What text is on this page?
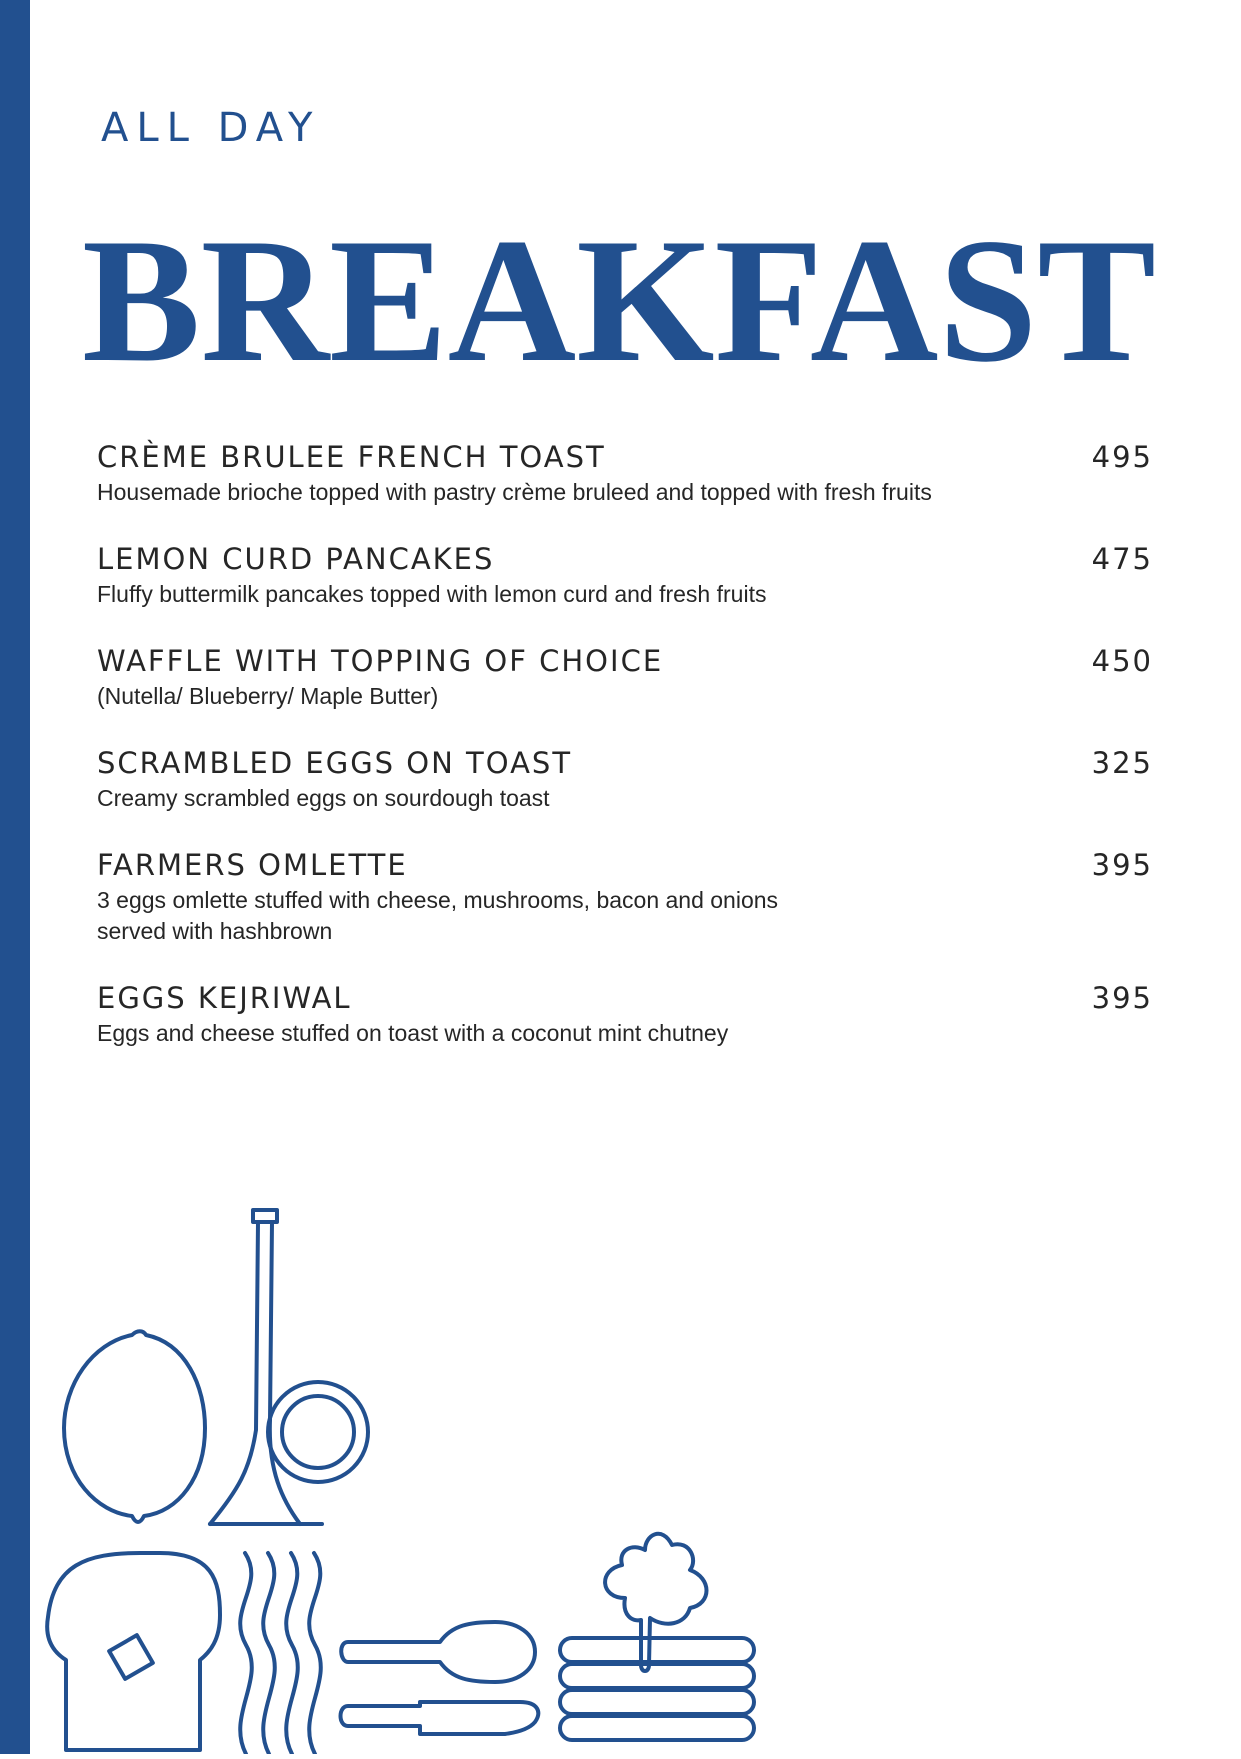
ALL DAY
BREAKFAST
CRÈME BRULEE FRENCH TOAST	495
Housemade brioche topped with pastry crème bruleed and topped with fresh fruits
LEMON CURD PANCAKES	475
Fluffy buttermilk pancakes topped with lemon curd and fresh fruits
WAFFLE WITH TOPPING OF CHOICE	450
(Nutella/ Blueberry/ Maple Butter)
SCRAMBLED EGGS ON TOAST	325
Creamy scrambled eggs on sourdough toast
FARMERS OMLETTE	395
3 eggs omlette stuffed with cheese, mushrooms, bacon and onions served with hashbrown
EGGS KEJRIWAL	395
Eggs and cheese stuffed on toast with a coconut mint chutney
